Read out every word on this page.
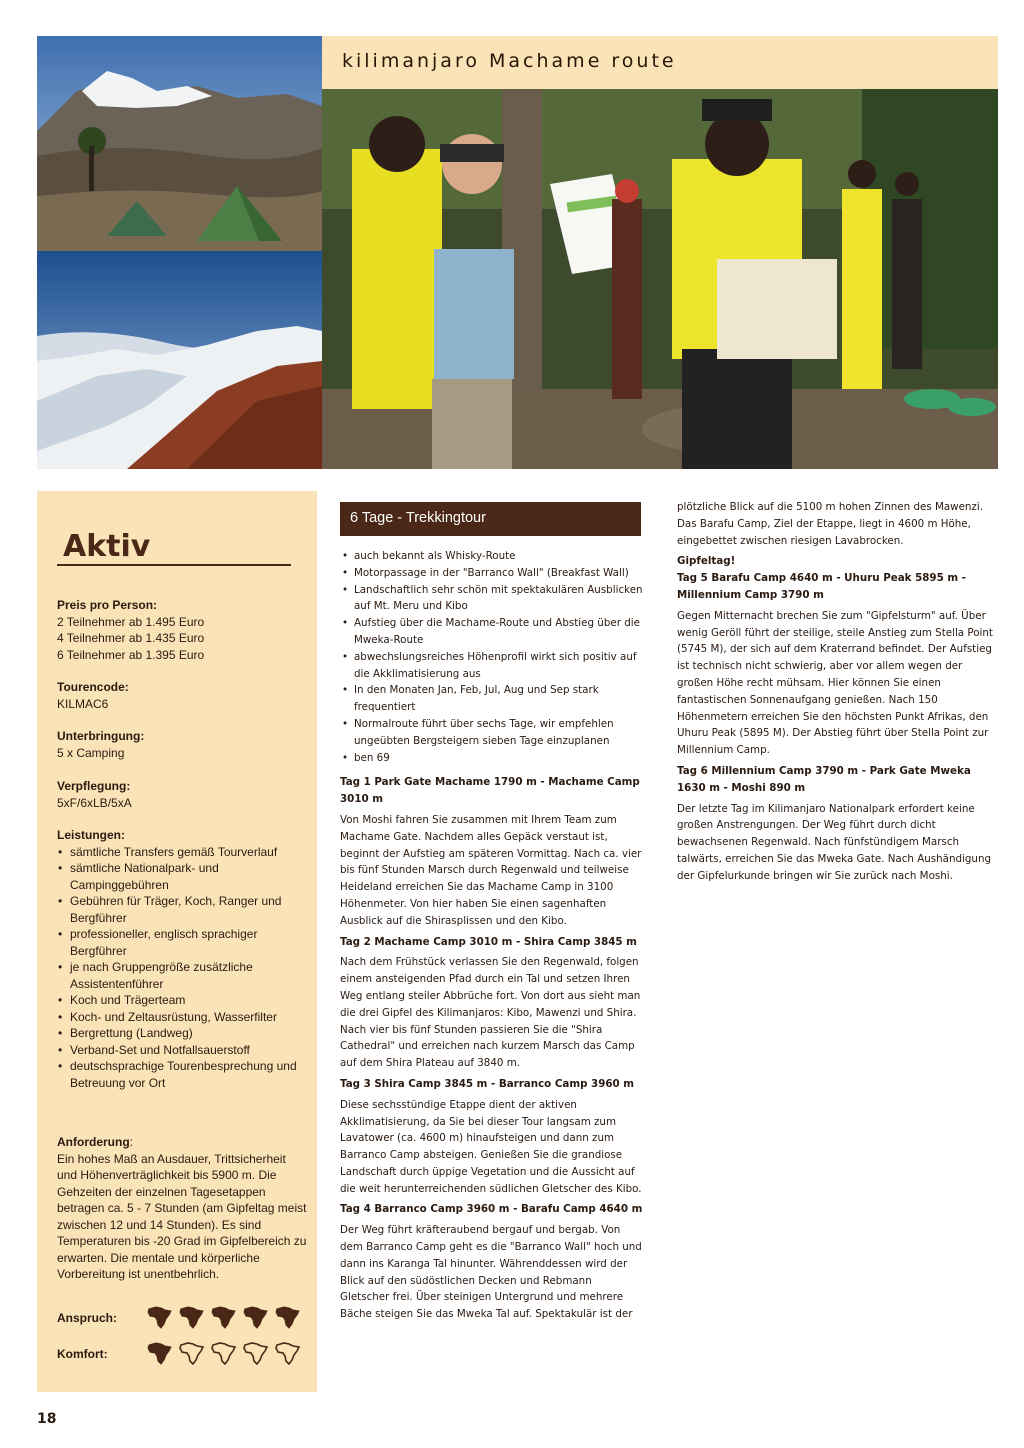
kilimanjaro Machame route
Aktiv
Preis pro Person:
2 Teilnehmer ab 1.495 Euro
4 Teilnehmer ab 1.435 Euro
6 Teilnehmer ab 1.395 Euro
Tourencode:
KILMAC6
Unterbringung:
5 x Camping
Verpflegung:
5xF/6xLB/5xA
Leistungen:
• sämtliche Transfers gemäß Tourverlauf
• sämtliche Nationalpark- und Campinggebühren
• Gebühren für Träger, Koch, Ranger und Bergführer
• professioneller, englisch sprachiger Bergführer
• je nach Gruppengröße zusätzliche Assistentenführer
• Koch und Trägerteam
• Koch- und Zeltausrüstung, Wasserfilter
• Bergrettung (Landweg)
• Verband-Set und Notfallsauerstoff
• deutschsprachige Tourenbesprechung und Betreuung vor Ort
Anforderung:
Ein hohes Maß an Ausdauer, Trittsicherheit und Höhenverträglichkeit bis 5900 m. Die Gehzeiten der einzelnen Tagesetappen betragen ca. 5 - 7 Stunden (am Gipfeltag meist zwischen 12 und 14 Stunden). Es sind Temperaturen bis -20 Grad im Gipfelbereich zu erwarten. Die mentale und körperliche Vorbereitung ist unentbehrlich.
Anspruch:
Komfort:
6 Tage - Trekkingtour
• auch bekannt als Whisky-Route
• Motorpassage in der "Barranco Wall" (Breakfast Wall)
• Landschaftlich sehr schön mit spektakulären Ausblicken auf Mt. Meru und Kibo
• Aufstieg über die Machame-Route und Abstieg über die Mweka-Route
• abwechslungsreiches Höhenprofil wirkt sich positiv auf die Akklimatisierung aus
• In den Monaten Jan, Feb, Jul, Aug und Sep stark frequentiert
• Normalroute führt über sechs Tage, wir empfehlen ungeübten Bergsteigern sieben Tage einzuplanen
• ben 69

Tag 1 Park Gate Machame 1790 m - Machame Camp 3010 m

Von Moshi fahren Sie zusammen mit Ihrem Team zum Machame Gate. Nachdem alles Gepäck verstaut ist, beginnt der Aufstieg am späteren Vormittag. Nach ca. vier bis fünf Stunden Marsch durch Regenwald und teilweise Heideland erreichen Sie das Machame Camp in 3100 Höhenmeter. Von hier haben Sie einen sagenhaften Ausblick auf die Shirasplissen und den Kibo.

Tag 2 Machame Camp 3010 m - Shira Camp 3845 m

Nach dem Frühstück verlassen Sie den Regenwald, folgen einem ansteigenden Pfad durch ein Tal und setzen Ihren Weg entlang steiler Abbrüche fort. Von dort aus sieht man die drei Gipfel des Kilimanjaros: Kibo, Mawenzi und Shira. Nach vier bis fünf Stunden passieren Sie die "Shira Cathedral" und erreichen nach kurzem Marsch das Camp auf dem Shira Plateau auf 3840 m.

Tag 3 Shira Camp 3845 m - Barranco Camp 3960 m

Diese sechsstündige Etappe dient der aktiven Akklimatisierung, da Sie bei dieser Tour langsam zum Lavatower (ca. 4600 m) hinaufsteigen und dann zum Barranco Camp absteigen. Genießen Sie die grandiose Landschaft durch üppige Vegetation und die Aussicht auf die weit herunterreichenden südlichen Gletscher des Kibo.

Tag 4 Barranco Camp 3960 m - Barafu Camp 4640 m

Der Weg führt kräfteraubend bergauf und bergab. Von dem Barranco Camp geht es die "Barranco Wall" hoch und dann ins Karanga Tal hinunter. Währenddessen wird der Blick auf den südöstlichen Decken und Rebmann Gletscher frei. Über steinigen Untergrund und mehrere Bäche steigen Sie das Mweka Tal auf. Spektakulär ist der

plötzliche Blick auf die 5100 m hohen Zinnen des Mawenzi. Das Barafu Camp, Ziel der Etappe, liegt in 4600 m Höhe, eingebettet zwischen riesigen Lavabrocken.

Gipfeltag!

Tag 5 Barafu Camp 4640 m - Uhuru Peak 5895 m - Millennium Camp 3790 m

Gegen Mitternacht brechen Sie zum "Gipfelsturm" auf. Über wenig Geröll führt der steilige, steile Anstieg zum Stella Point (5745 M), der sich auf dem Kraterrand befindet. Der Aufstieg ist technisch nicht schwierig, aber vor allem wegen der großen Höhe recht mühsam. Hier können Sie einen fantastischen Sonnenaufgang genießen. Nach 150 Höhenmetern erreichen Sie den höchsten Punkt Afrikas, den Uhuru Peak (5895 M). Der Abstieg führt über Stella Point zur Millennium Camp.

Tag 6 Millennium Camp 3790 m - Park Gate Mweka 1630 m - Moshi 890 m

Der letzte Tag im Kilimanjaro Nationalpark erfordert keine großen Anstrengungen. Der Weg führt durch dicht bewachsenen Regenwald. Nach fünfstündigem Marsch talwärts, erreichen Sie das Mweka Gate. Nach Aushändigung der Gipfelurkunde bringen wir Sie zurück nach Moshi.

18
